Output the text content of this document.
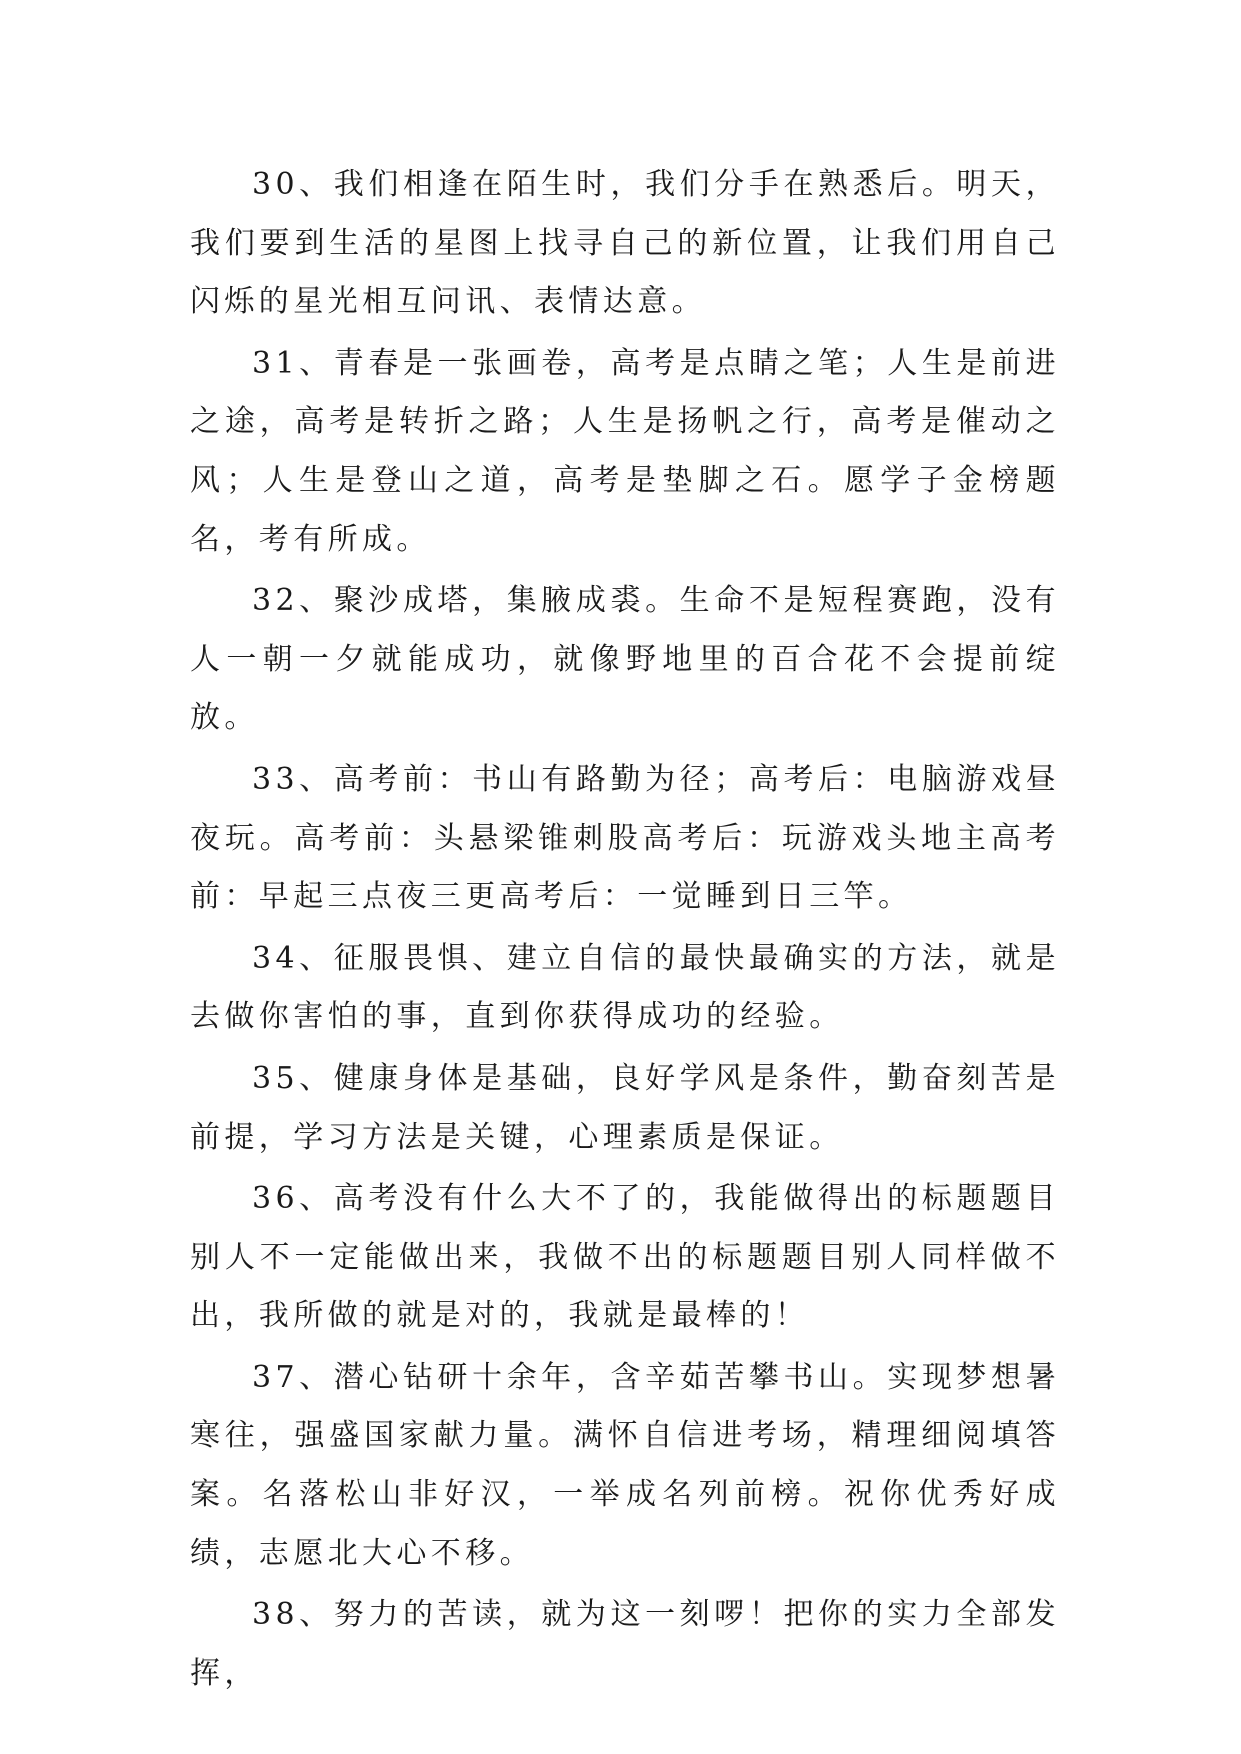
30、我们相逢在陌生时，我们分手在熟悉后。明天，我们要到生活的星图上找寻自己的新位置，让我们用自己闪烁的星光相互问讯、表情达意。

31、青春是一张画卷，高考是点睛之笔；人生是前进之途，高考是转折之路；人生是扬帆之行，高考是催动之风；人生是登山之道，高考是垫脚之石。愿学子金榜题名，考有所成。

32、聚沙成塔，集腋成裘。生命不是短程赛跑，没有人一朝一夕就能成功，就像野地里的百合花不会提前绽放。

33、高考前：书山有路勤为径；高考后：电脑游戏昼夜玩。高考前：头悬梁锥刺股高考后：玩游戏头地主高考前：早起三点夜三更高考后：一觉睡到日三竿。

34、征服畏惧、建立自信的最快最确实的方法，就是去做你害怕的事，直到你获得成功的经验。

35、健康身体是基础，良好学风是条件，勤奋刻苦是前提，学习方法是关键，心理素质是保证。

36、高考没有什么大不了的，我能做得出的标题题目别人不一定能做出来，我做不出的标题题目别人同样做不出，我所做的就是对的，我就是最棒的！

37、潜心钻研十余年，含辛茹苦攀书山。实现梦想暑寒往，强盛国家献力量。满怀自信进考场，精理细阅填答案。名落松山非好汉，一举成名列前榜。祝你优秀好成绩，志愿北大心不移。

38、努力的苦读，就为这一刻啰！把你的实力全部发挥，
